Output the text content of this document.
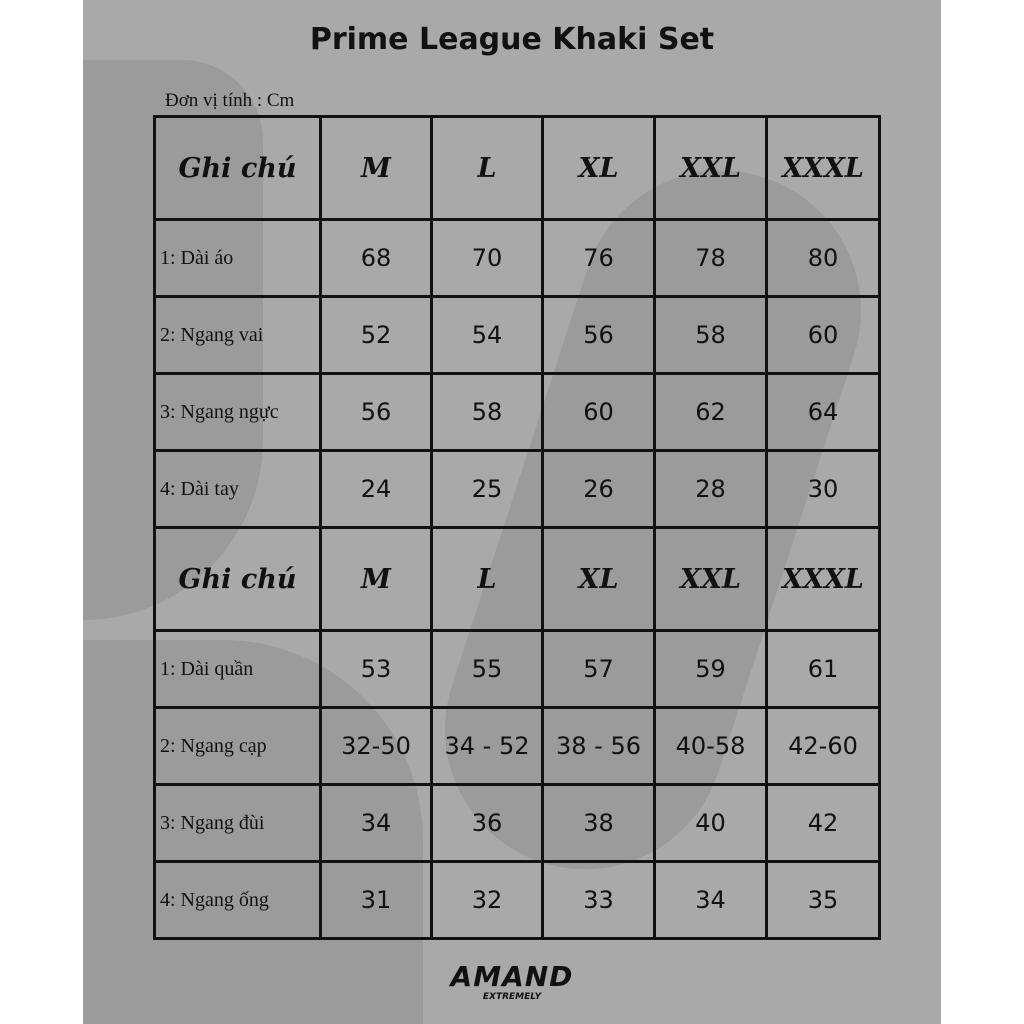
Prime League Khaki Set
Đơn vị tính : Cm
Ghi chú	M	L	XL	XXL	XXXL
1: Dài áo	68	70	76	78	80
2: Ngang vai	52	54	56	58	60
3: Ngang ngực	56	58	60	62	64
4: Dài tay	24	25	26	28	30
Ghi chú	M	L	XL	XXL	XXXL
1: Dài quần	53	55	57	59	61
2: Ngang cạp	32-50	34 - 52	38 - 56	40-58	42-60
3: Ngang đùi	34	36	38	40	42
4: Ngang ống	31	32	33	34	35
AMAND
EXTREMELY
